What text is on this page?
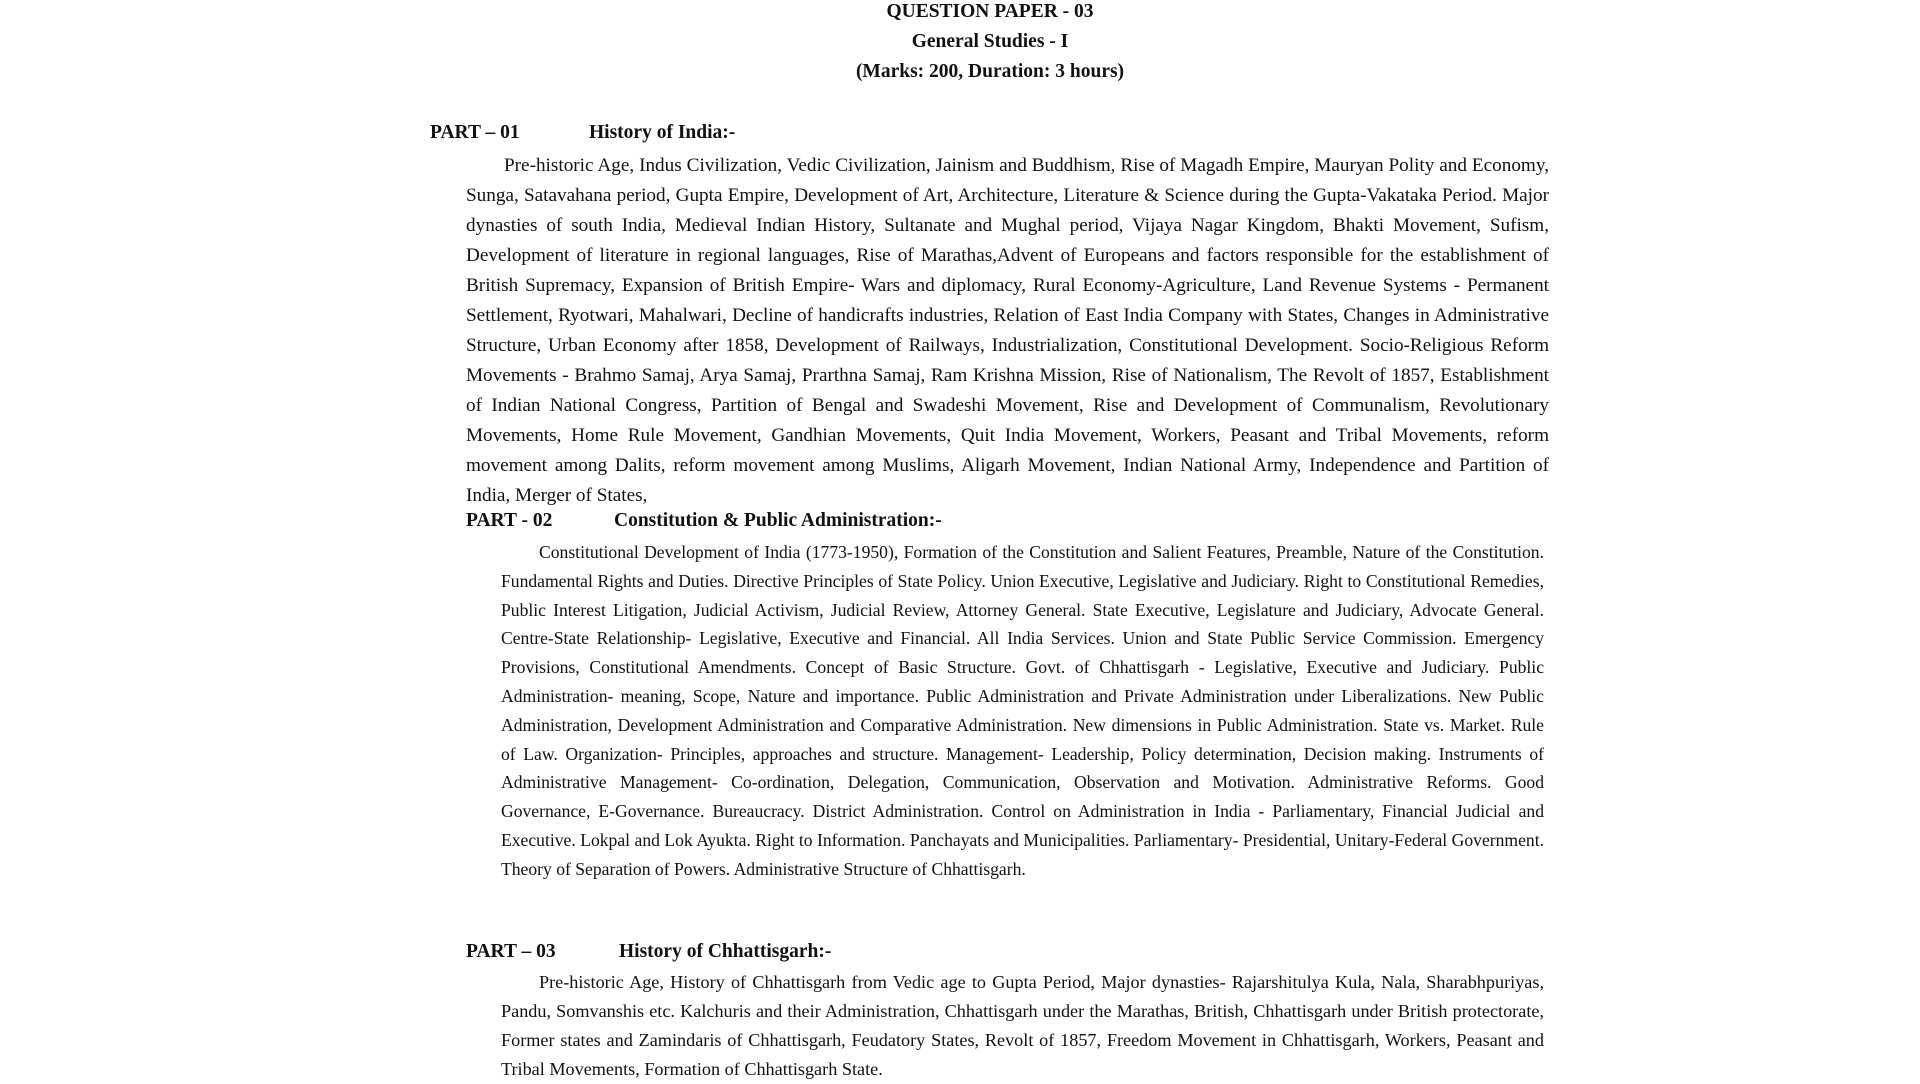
QUESTION PAPER - 03
General Studies - I
(Marks: 200, Duration: 3 hours)
PART – 01	History of India:-

Pre-historic Age, Indus Civilization, Vedic Civilization, Jainism and Buddhism, Rise of Magadh Empire, Mauryan Polity and Economy, Sunga, Satavahana period, Gupta Empire, Development of Art, Architecture, Literature & Science during the Gupta-Vakataka Period. Major dynasties of south India, Medieval Indian History, Sultanate and Mughal period, Vijaya Nagar Kingdom, Bhakti Movement, Sufism, Development of literature in regional languages, Rise of Marathas,Advent of Europeans and factors responsible for the establishment of British Supremacy, Expansion of British Empire- Wars and diplomacy, Rural Economy-Agriculture, Land Revenue Systems - Permanent Settlement, Ryotwari, Mahalwari, Decline of handicrafts industries, Relation of East India Company with States, Changes in Administrative Structure, Urban Economy after 1858, Development of Railways, Industrialization, Constitutional Development. Socio-Religious Reform Movements - Brahmo Samaj, Arya Samaj, Prarthna Samaj, Ram Krishna Mission, Rise of Nationalism, The Revolt of 1857, Establishment of Indian National Congress, Partition of Bengal and Swadeshi Movement, Rise and Development of Communalism, Revolutionary Movements, Home Rule Movement, Gandhian Movements, Quit India Movement, Workers, Peasant and Tribal Movements, reform movement among Dalits, reform movement among Muslims, Aligarh Movement, Indian National Army, Independence and Partition of India, Merger of States,

PART - 02	Constitution & Public Administration:-

Constitutional Development of India (1773-1950), Formation of the Constitution and Salient Features, Preamble, Nature of the Constitution. Fundamental Rights and Duties. Directive Principles of State Policy. Union Executive, Legislative and Judiciary. Right to Constitutional Remedies, Public Interest Litigation, Judicial Activism, Judicial Review, Attorney General. State Executive, Legislature and Judiciary, Advocate General. Centre-State Relationship- Legislative, Executive and Financial. All India Services. Union and State Public Service Commission. Emergency Provisions, Constitutional Amendments. Concept of Basic Structure. Govt. of Chhattisgarh - Legislative, Executive and Judiciary. Public Administration- meaning, Scope, Nature and importance. Public Administration and Private Administration under Liberalizations. New Public Administration, Development Administration and Comparative Administration. New dimensions in Public Administration. State vs. Market. Rule of Law. Organization- Principles, approaches and structure. Management- Leadership, Policy determination, Decision making. Instruments of Administrative Management- Co-ordination, Delegation, Communication, Observation and Motivation. Administrative Reforms. Good Governance, E-Governance. Bureaucracy. District Administration. Control on Administration in India - Parliamentary, Financial Judicial and Executive. Lokpal and Lok Ayukta. Right to Information. Panchayats and Municipalities. Parliamentary- Presidential, Unitary-Federal Government. Theory of Separation of Powers. Administrative Structure of Chhattisgarh.

PART – 03	History of Chhattisgarh:-

Pre-historic Age, History of Chhattisgarh from Vedic age to Gupta Period, Major dynasties- Rajarshitulya Kula, Nala, Sharabhpuriyas, Pandu, Somvanshis etc. Kalchuris and their Administration, Chhattisgarh under the Marathas, British, Chhattisgarh under British protectorate, Former states and Zamindaris of Chhattisgarh, Feudatory States, Revolt of 1857, Freedom Movement in Chhattisgarh, Workers, Peasant and Tribal Movements, Formation of Chhattisgarh State.
